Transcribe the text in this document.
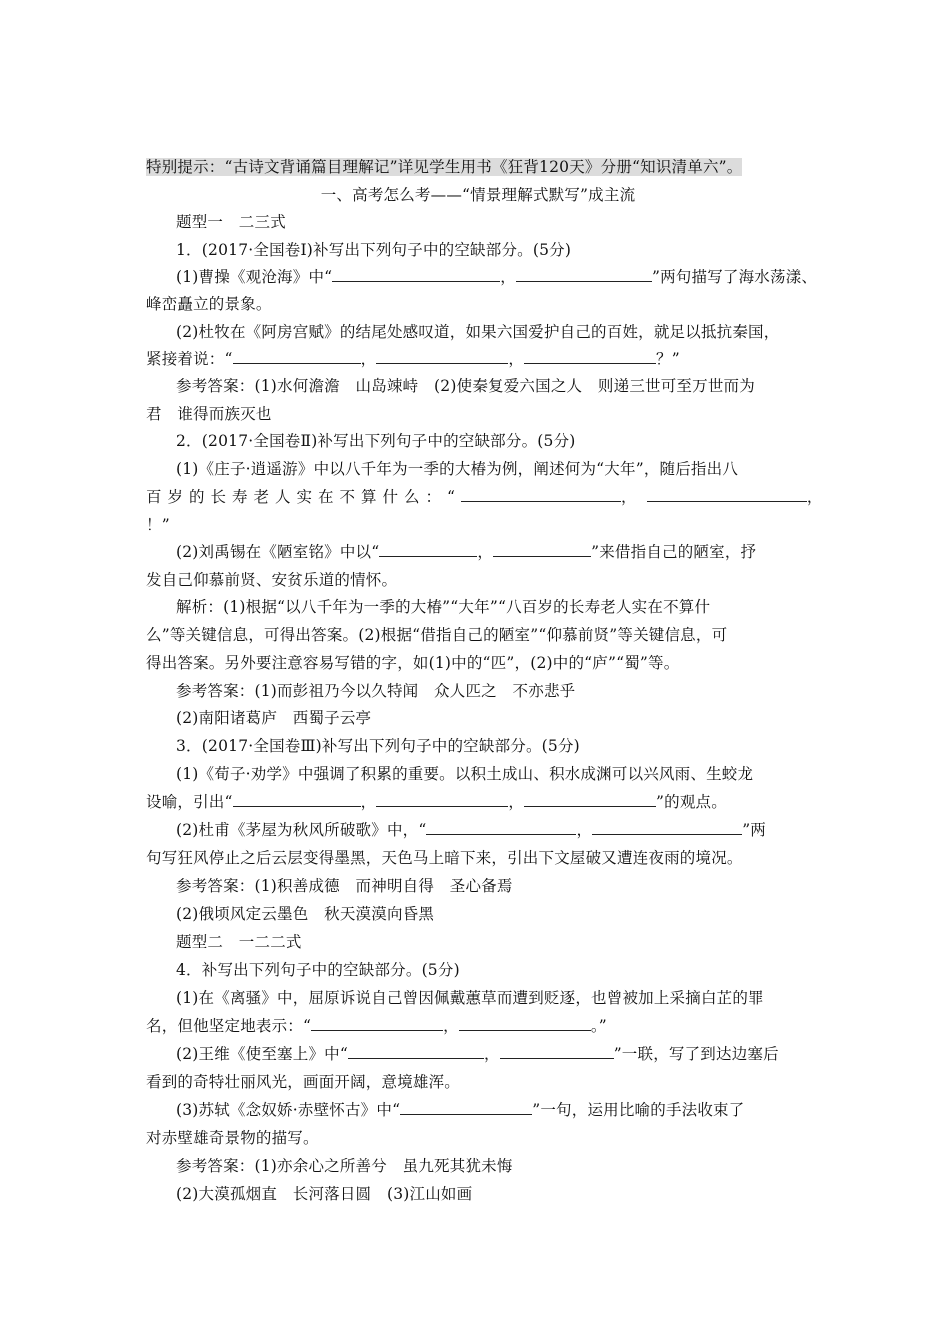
特别提示：“古诗文背诵篇目理解记”详见学生用书《狂背120天》分册“知识清单六”。
一、高考怎么考——“情景理解式默写”成主流
题型一　二三式
1．(2017·全国卷Ⅰ)补写出下列句子中的空缺部分。(5分)
(1)曹操《观沧海》中“	，	”两句描写了海水荡漾、
峰峦矗立的景象。
(2)杜牧在《阿房宫赋》的结尾处感叹道，如果六国爱护自己的百姓，就足以抵抗秦国，
紧接着说：“	，	，	？”
参考答案：(1)水何澹澹　山岛竦峙　(2)使秦复爱六国之人　则递三世可至万世而为
君　谁得而族灭也
2．(2017·全国卷Ⅱ)补写出下列句子中的空缺部分。(5分)
(1)《庄子·逍遥游》中以八千年为一季的大椿为例，阐述何为“大年”，随后指出八
百岁的长寿老人实在不算什么：“	，	，
！”
(2)刘禹锡在《陋室铭》中以“	，	”来借指自己的陋室，抒
发自己仰慕前贤、安贫乐道的情怀。
解析：(1)根据“以八千年为一季的大椿”“大年”“八百岁的长寿老人实在不算什
么”等关键信息，可得出答案。(2)根据“借指自己的陋室”“仰慕前贤”等关键信息，可
得出答案。另外要注意容易写错的字，如(1)中的“匹”，(2)中的“庐”“蜀”等。
参考答案：(1)而彭祖乃今以久特闻　众人匹之　不亦悲乎
(2)南阳诸葛庐　西蜀子云亭
3．(2017·全国卷Ⅲ)补写出下列句子中的空缺部分。(5分)
(1)《荀子·劝学》中强调了积累的重要。以积土成山、积水成渊可以兴风雨、生蛟龙
设喻，引出“	，	，	”的观点。
(2)杜甫《茅屋为秋风所破歌》中，“	，	”两
句写狂风停止之后云层变得墨黑，天色马上暗下来，引出下文屋破又遭连夜雨的境况。
参考答案：(1)积善成德　而神明自得　圣心备焉
(2)俄顷风定云墨色　秋天漠漠向昏黑
题型二　一二二式
4．补写出下列句子中的空缺部分。(5分)
(1)在《离骚》中，屈原诉说自己曾因佩戴蕙草而遭到贬逐，也曾被加上采摘白芷的罪
名，但他坚定地表示：“	，	。”
(2)王维《使至塞上》中“	，	”一联，写了到达边塞后
看到的奇特壮丽风光，画面开阔，意境雄浑。
(3)苏轼《念奴娇·赤壁怀古》中“	”一句，运用比喻的手法收束了
对赤壁雄奇景物的描写。
参考答案：(1)亦余心之所善兮　虽九死其犹未悔
(2)大漠孤烟直　长河落日圆　(3)江山如画
